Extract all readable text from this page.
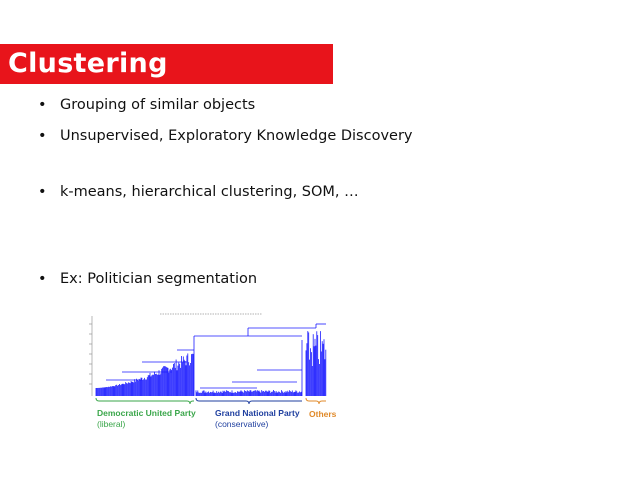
Clustering
• Grouping of similar objects
• Unsupervised, Exploratory Knowledge Discovery
• k-means, hierarchical clustering, SOM, …
• Ex: Politician segmentation
Democratic United Party
(liberal)
Grand National Party
(conservative)
Others
